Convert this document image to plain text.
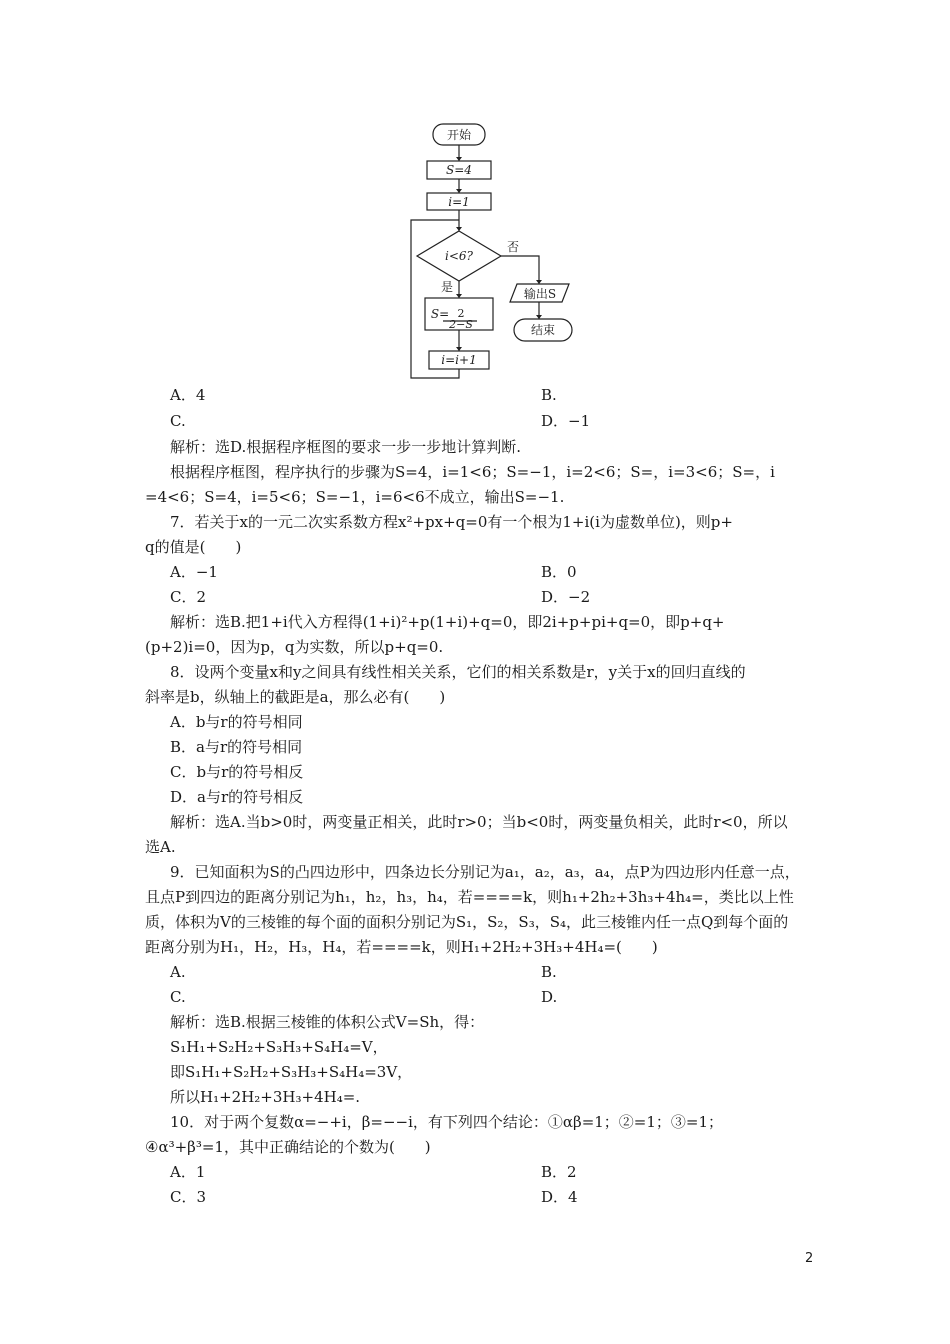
开始
S=4
i=1
i<6?
否
是
S= 2
2−S
i=i+1
输出S
结束
A．4	B.
C.	D．−1
解析：选D.根据程序框图的要求一步一步地计算判断.
根据程序框图，程序执行的步骤为S=4，i=1<6；S=−1，i=2<6；S=，i=3<6；S=，i
=4<6；S=4，i=5<6；S=−1，i=6<6不成立，输出S=−1.
7．若关于x的一元二次实系数方程x²+px+q=0有一个根为1+i(i为虚数单位)，则p+
q的值是(　　)
A．−1	B．0
C．2	D．−2
解析：选B.把1+i代入方程得(1+i)²+p(1+i)+q=0，即2i+p+pi+q=0，即p+q+
(p+2)i=0，因为p，q为实数，所以p+q=0.
8．设两个变量x和y之间具有线性相关关系，它们的相关系数是r，y关于x的回归直线的
斜率是b，纵轴上的截距是a，那么必有(　　)
A．b与r的符号相同
B．a与r的符号相同
C．b与r的符号相反
D．a与r的符号相反
解析：选A.当b>0时，两变量正相关，此时r>0；当b<0时，两变量负相关，此时r<0，所以
选A.
9．已知面积为S的凸四边形中，四条边长分别记为a₁，a₂，a₃，a₄，点P为四边形内任意一点，
且点P到四边的距离分别记为h₁，h₂，h₃，h₄，若====k，则h₁+2h₂+3h₃+4h₄=，类比以上性
质，体积为V的三棱锥的每个面的面积分别记为S₁，S₂，S₃，S₄，此三棱锥内任一点Q到每个面的
距离分别为H₁，H₂，H₃，H₄，若====k，则H₁+2H₂+3H₃+4H₄=(　　)
A.	B.
C.	D.
解析：选B.根据三棱锥的体积公式V=Sh，得：
S₁H₁+S₂H₂+S₃H₃+S₄H₄=V，
即S₁H₁+S₂H₂+S₃H₃+S₄H₄=3V，
所以H₁+2H₂+3H₃+4H₄=.
10．对于两个复数α=−+i，β=−−i，有下列四个结论：①αβ=1；②=1；③=1；
④α³+β³=1，其中正确结论的个数为(　　)
A．1	B．2
C．3	D．4
2
